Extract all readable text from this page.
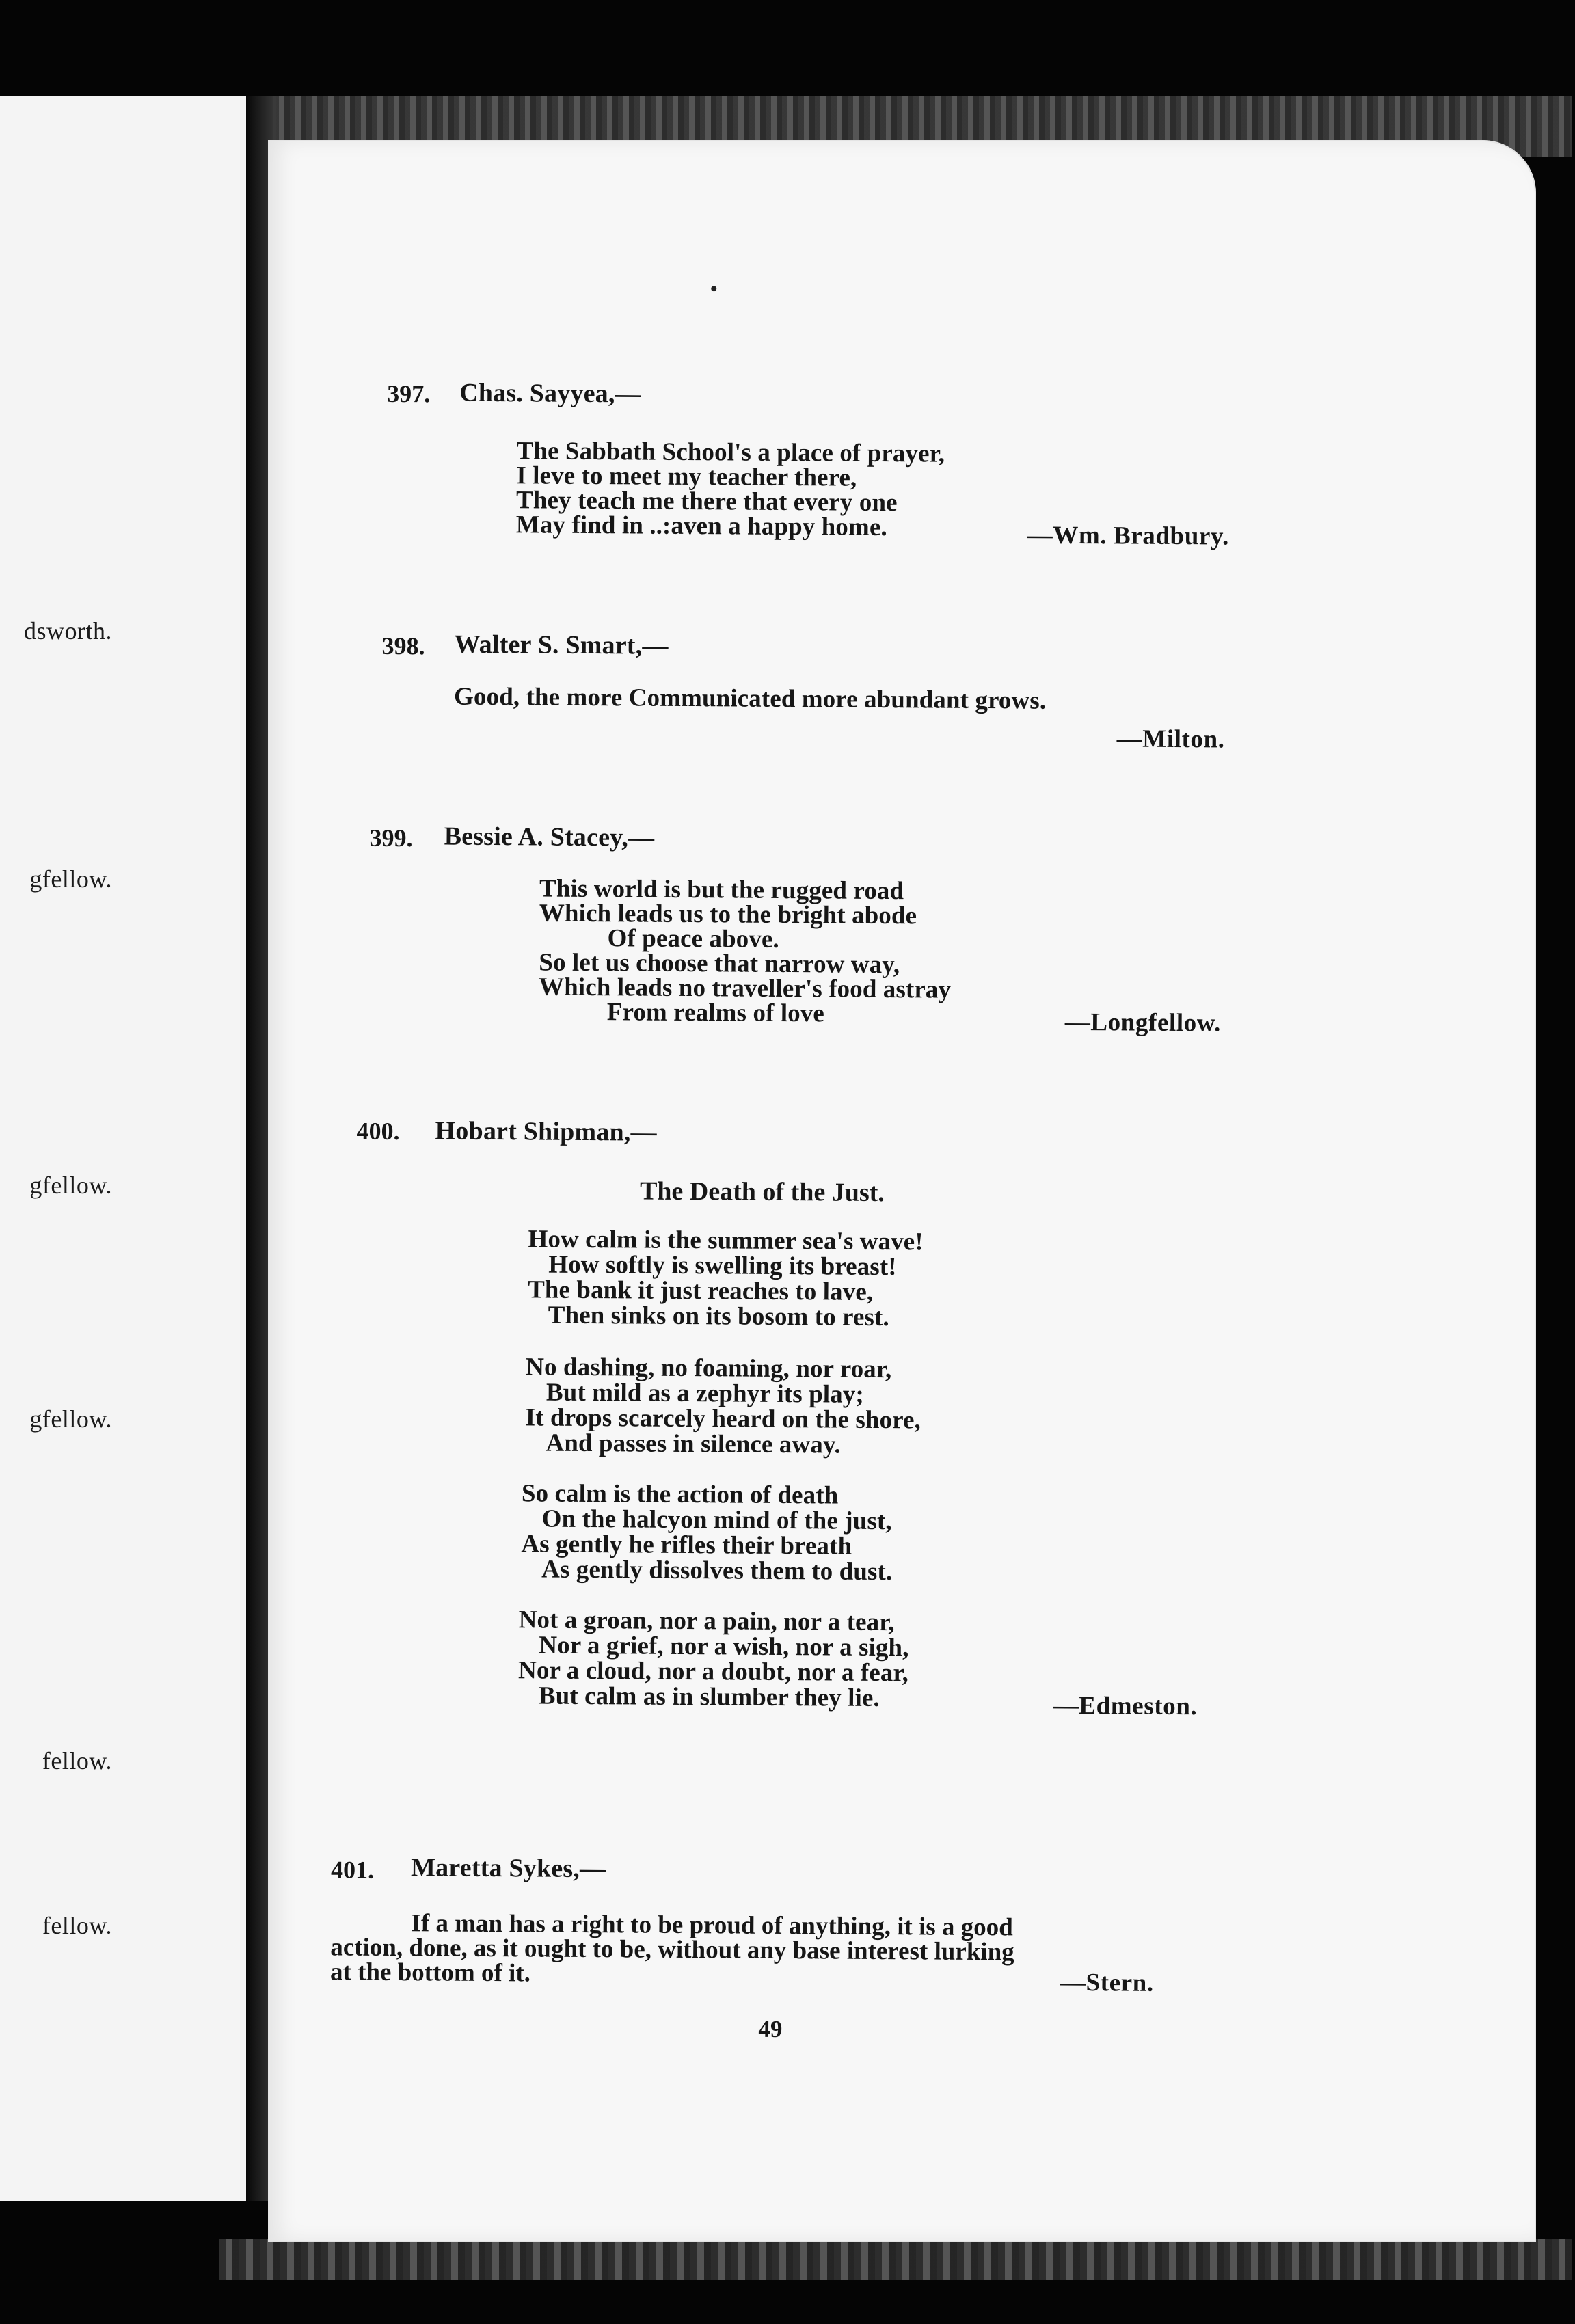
dsworth.
gfellow.
gfellow.
gfellow.
fellow.
fellow.
397. Chas. Sayyea,—
The Sabbath School's a place of prayer,
I leve to meet my teacher there,
They teach me there that every one
May find in ..:aven a happy home.	—Wm. Bradbury.
398. Walter S. Smart,—
Good, the more Communicated more abundant grows.
—Milton.
399. Bessie A. Stacey,—
This world is but the rugged road
Which leads us to the bright abode
Of peace above.
So let us choose that narrow way,
Which leads no traveller's food astray
From realms of love	—Longfellow.
400. Hobart Shipman,—
The Death of the Just.
How calm is the summer sea's wave!
How softly is swelling its breast!
The bank it just reaches to lave,
Then sinks on its bosom to rest.
No dashing, no foaming, nor roar,
But mild as a zephyr its play;
It drops scarcely heard on the shore,
And passes in silence away.
So calm is the action of death
On the halcyon mind of the just,
As gently he rifles their breath
As gently dissolves them to dust.
Not a groan, nor a pain, nor a tear,
Nor a grief, nor a wish, nor a sigh,
Nor a cloud, nor a doubt, nor a fear,
But calm as in slumber they lie.	—Edmeston.
401. Maretta Sykes,—
If a man has a right to be proud of anything, it is a good
action, done, as it ought to be, without any base interest lurking
at the bottom of it.	—Stern.
49
